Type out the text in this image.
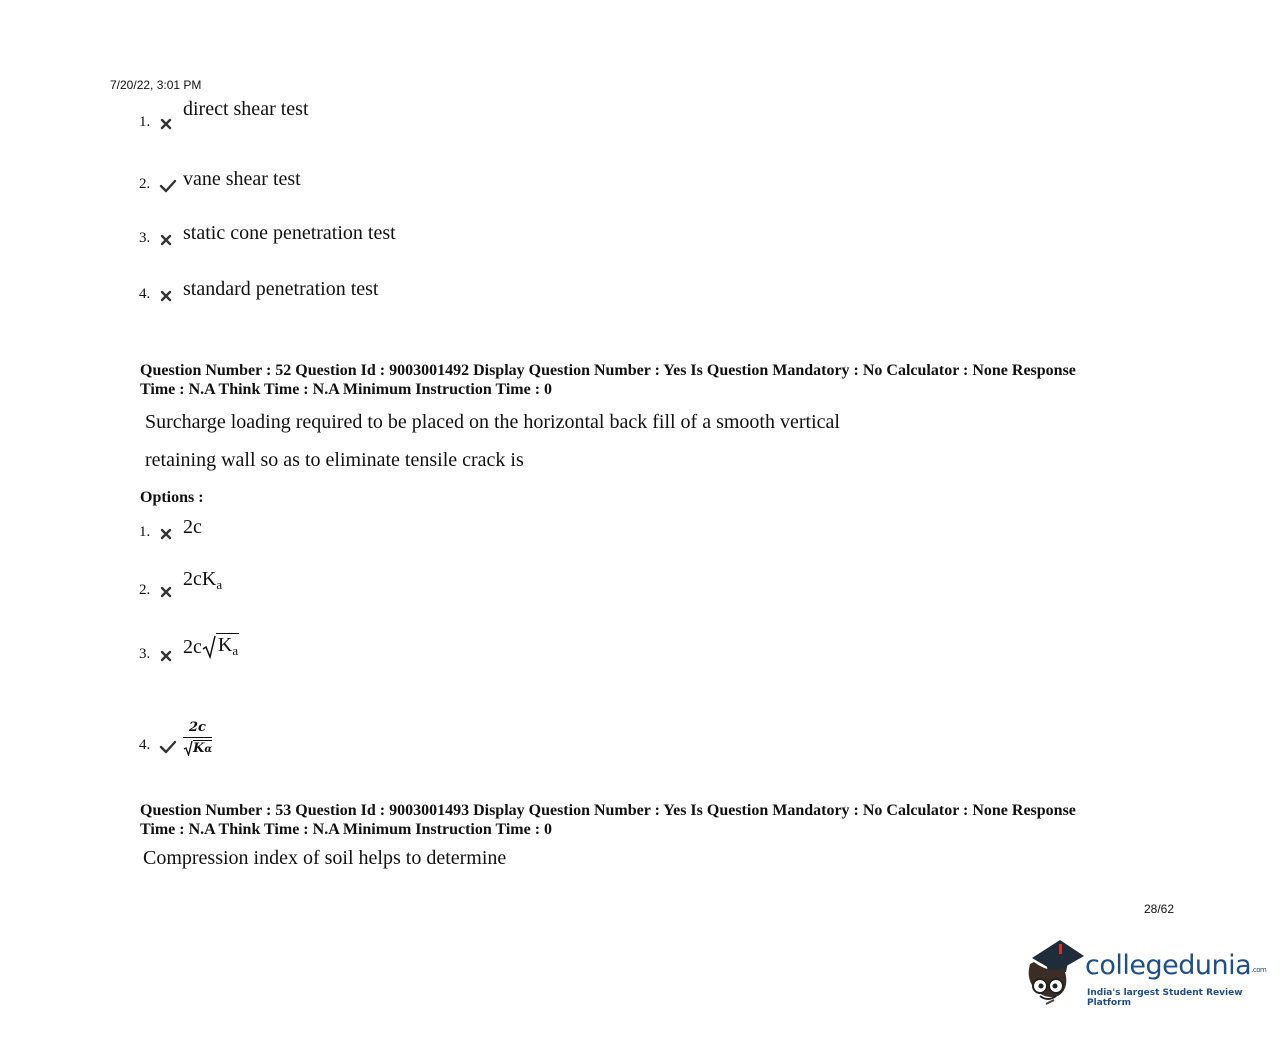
7/20/22, 3:01 PM
1.
direct shear test
2.	vane shear test
3.	static cone penetration test
4.	standard penetration test
Question Number : 52 Question Id : 9003001492 Display Question Number : Yes Is Question Mandatory : No Calculator : None Response
Time : N.A Think Time : N.A Minimum Instruction Time : 0
Surcharge loading required to be placed on the horizontal back fill of a smooth vertical
retaining wall so as to eliminate tensile crack is
Options :
1.	2c
2.	$2cK_a$
3.	2c $K_a$
4.	$\frac{2c}{K\alpha}$
Question Number : 53 Question Id : 9003001493 Display Question Number : Yes Is Question Mandatory : No Calculator : None Response
Time : N.A Think Time : N.A Minimum Instruction Time : 0
Compression index of soil helps to determine
28/62
collegedunia.com
India's largest Student Review Platform
